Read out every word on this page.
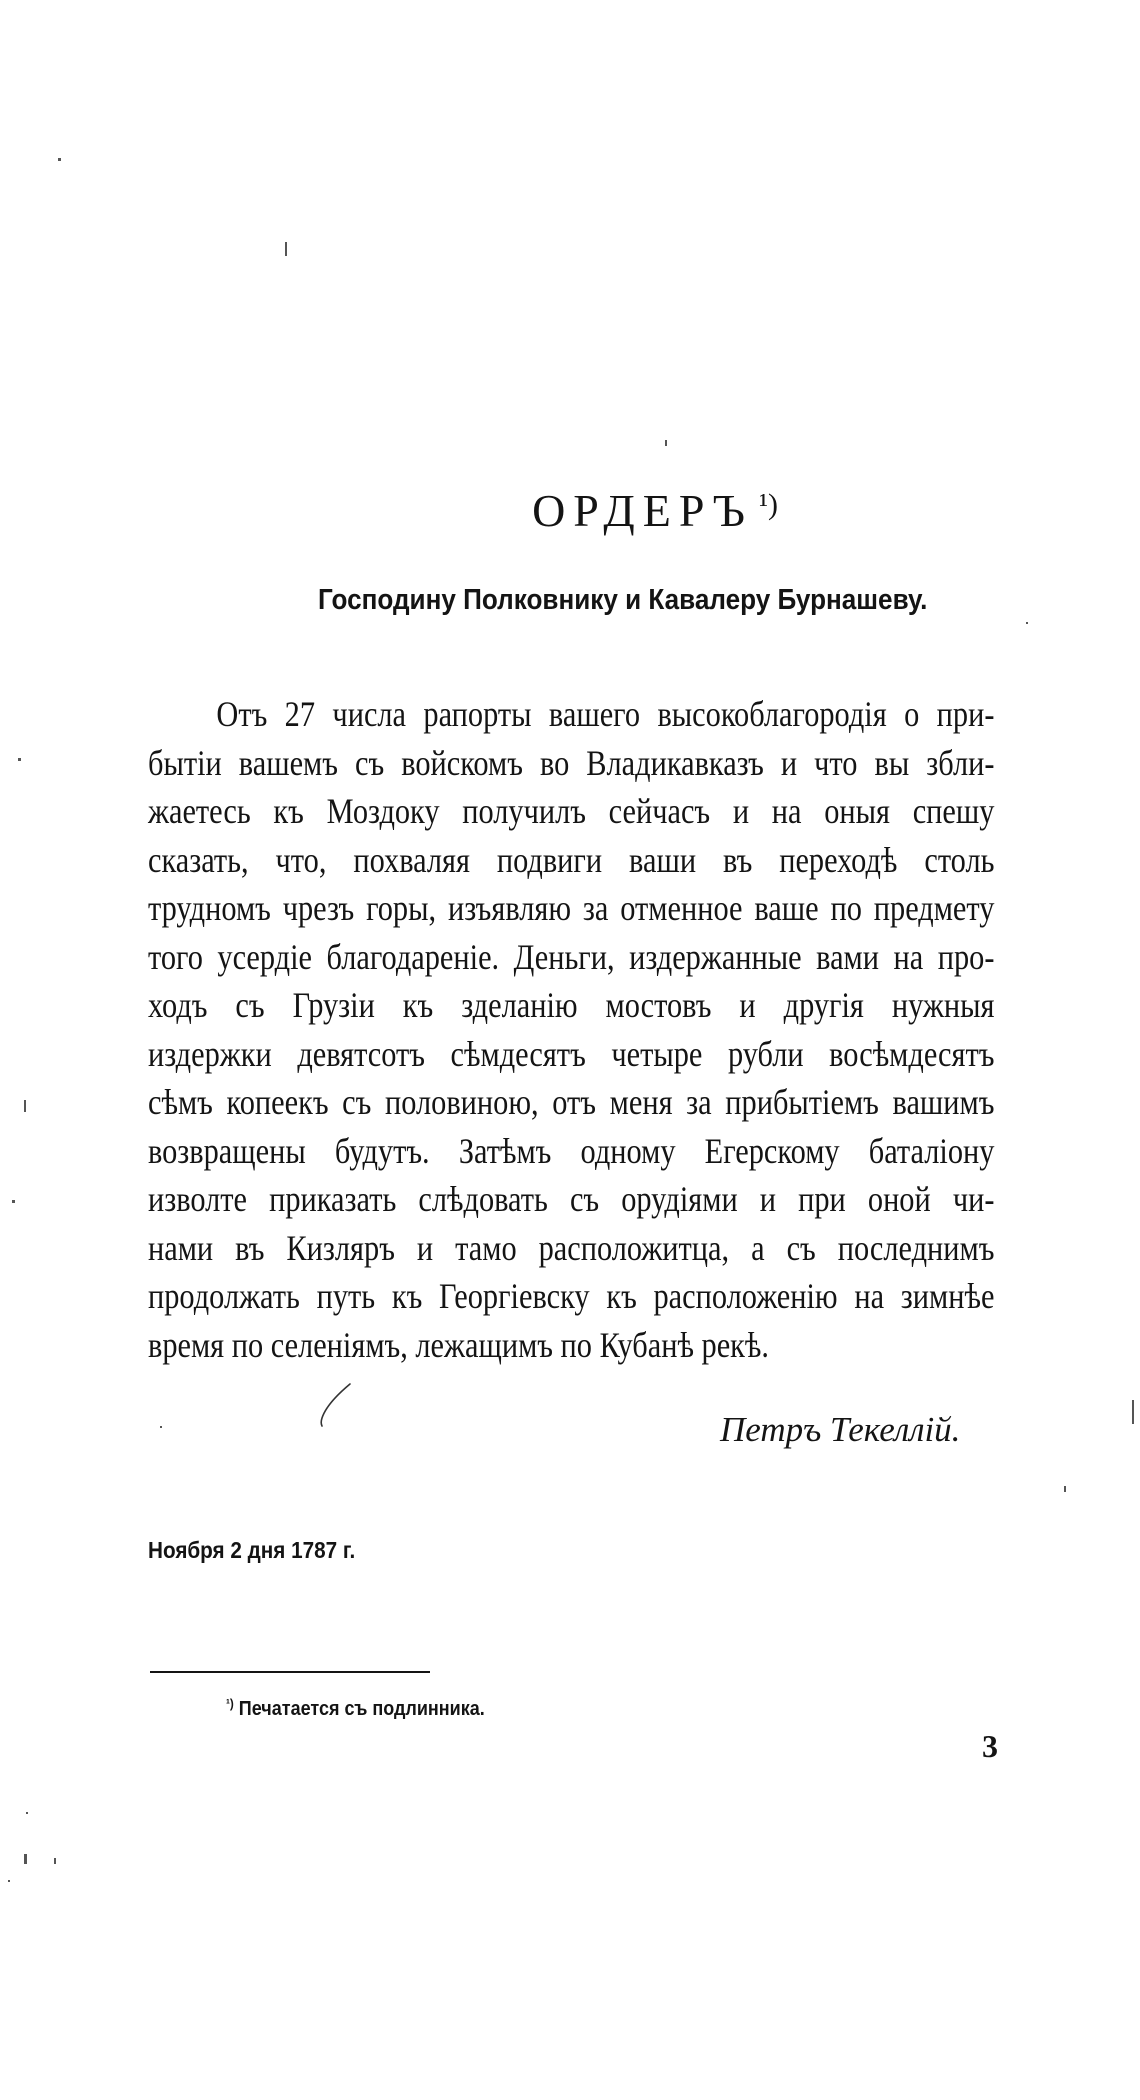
ОРДЕРЪ $^{^1)}$
Господину Полковнику и Кавалеру Бурнашеву.
Отъ 27 числа рапорты вашего высокоблагородія о при-
бытіи вашемъ съ войскомъ во Владикавказъ и что вы збли-
жаетесь къ Моздоку получилъ сейчасъ и на оныя спешу
сказать, что, похваляя подвиги ваши въ переходѣ столь
трудномъ чрезъ горы, изъявляю за отменное ваше по предмету
того усердіе благодареніе. Деньги, издержанные вами на про-
ходъ съ Грузіи къ зделанію мостовъ и другія нужныя
издержки девятсотъ сѣмдесятъ четыре рубли восѣмдесятъ
сѣмъ копеекъ съ половиною, отъ меня за прибытіемъ вашимъ
возвращены будутъ. Затѣмъ одному Егерскому баталіону
изволте приказать слѣдовать съ орудіями и при оной чи-
нами въ Кизляръ и тамо расположитца, а съ последнимъ
продолжать путь къ Георгіевску къ расположенію на зимнѣе
время по селеніямъ, лежащимъ по Кубанѣ рекѣ.
Петръ Текеллій.
Ноября 2 дня 1787 г.
$^{^1)}$ Печатается съ подлинника.
3
